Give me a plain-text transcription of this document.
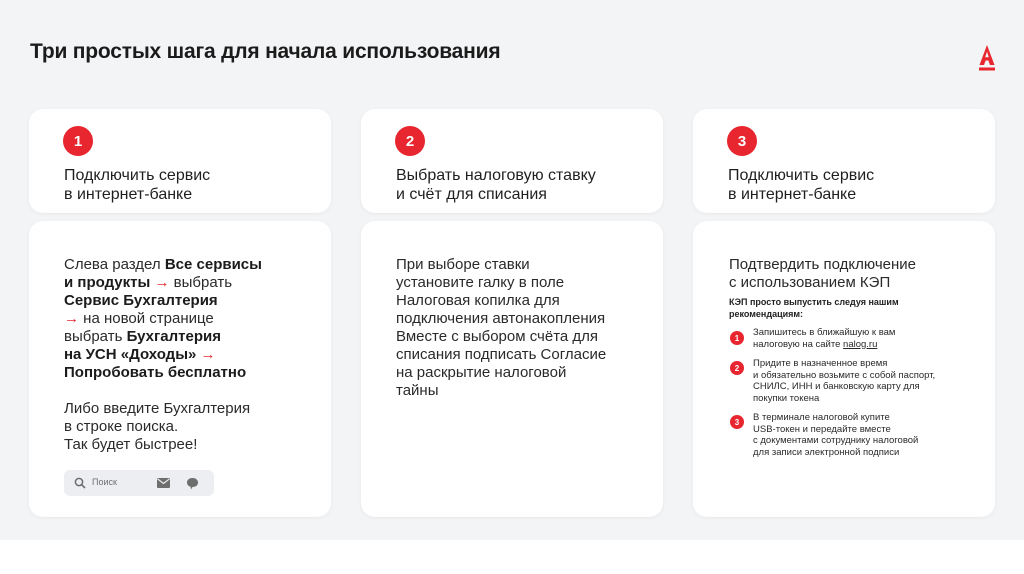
Три простых шага для начала использования
1
Подключить сервис
в интернет-банке
2
Выбрать налоговую ставку
и счёт для списания
3
Подключить сервис
в интернет-банке
Слева раздел Все сервисы
и продукты → выбрать
Сервис Бухгалтерия
→ на новой странице
выбрать Бухгалтерия
на УСН «Доходы» →
Попробовать бесплатно
Либо введите Бухгалтерия
в строке поиска.
Так будет быстрее!
Поиск
При выборе ставки
установите галку в поле
Налоговая копилка для
подключения автонакопления
Вместе с выбором счёта для
списания подписать Согласие
на раскрытие налоговой
тайны
Подтвердить подключение
с использованием КЭП
КЭП просто выпустить следуя нашим
рекомендациям:
1	Запишитесь в ближайшую к вам
налоговую на сайте nalog.ru
2	Придите в назначенное время
и обязательно возьмите с собой паспорт,
СНИЛС, ИНН и банковскую карту для
покупки токена
3	В терминале налоговой купите
USB-токен и передайте вместе
с документами сотруднику налоговой
для записи электронной подписи
